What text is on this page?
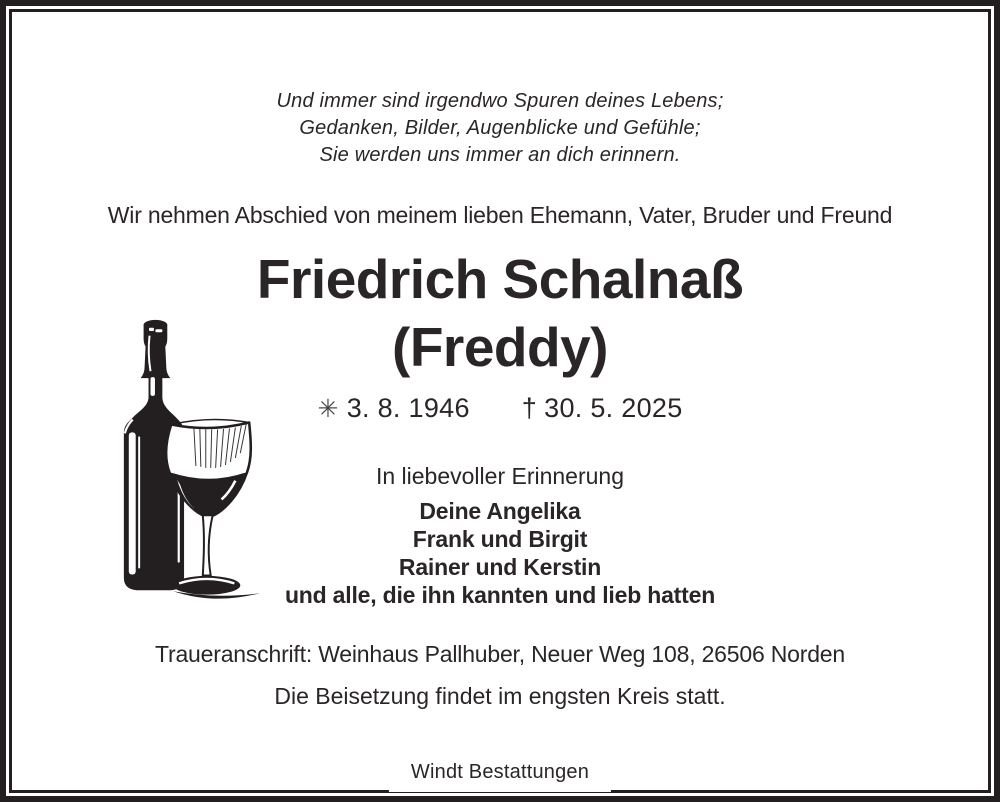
Und immer sind irgendwo Spuren deines Lebens;
Gedanken, Bilder, Augenblicke und Gefühle;
Sie werden uns immer an dich erinnern.
Wir nehmen Abschied von meinem lieben Ehemann, Vater, Bruder und Freund
Friedrich Schalnaß
(Freddy)
✳ 3. 8. 1946 † 30. 5. 2025
In liebevoller Erinnerung
Deine Angelika
Frank und Birgit
Rainer und Kerstin
und alle, die ihn kannten und lieb hatten
Traueranschrift: Weinhaus Pallhuber, Neuer Weg 108, 26506 Norden
Die Beisetzung findet im engsten Kreis statt.
Windt Bestattungen
